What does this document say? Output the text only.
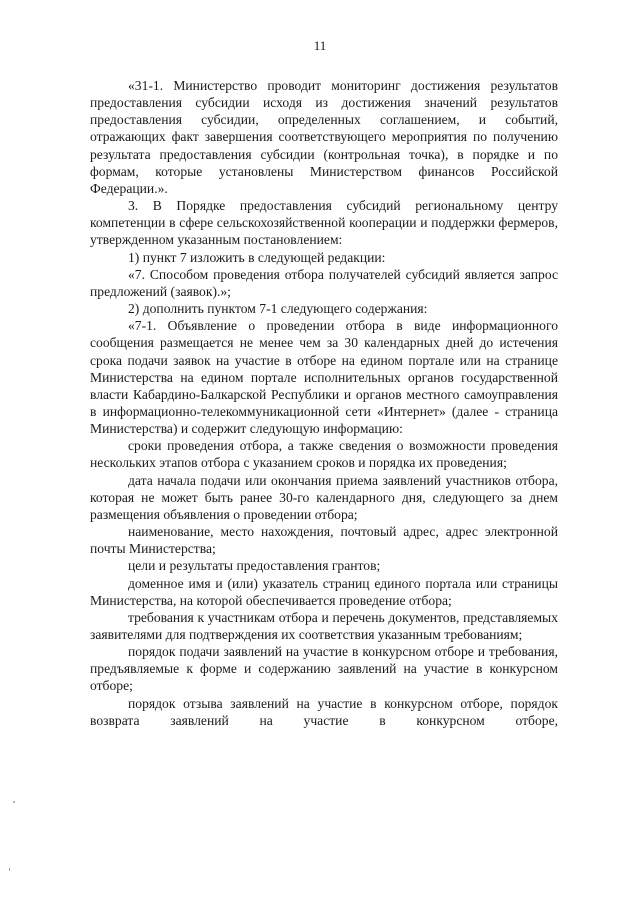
11

«31-1. Министерство проводит мониторинг достижения результатов предоставления субсидии исходя из достижения значений результатов предоставления субсидии, определенных соглашением, и событий, отражающих факт завершения соответствующего мероприятия по получению результата предоставления субсидии (контрольная точка), в порядке и по формам, которые установлены Министерством финансов Российской Федерации.».

3. В Порядке предоставления субсидий региональному центру компетенции в сфере сельскохозяйственной кооперации и поддержки фермеров, утвержденном указанным постановлением:

1) пункт 7 изложить в следующей редакции:

«7. Способом проведения отбора получателей субсидий является запрос предложений (заявок).»;

2) дополнить пунктом 7-1 следующего содержания:

«7-1. Объявление о проведении отбора в виде информационного сообщения размещается не менее чем за 30 календарных дней до истечения срока подачи заявок на участие в отборе на едином портале или на странице Министерства на едином портале исполнительных органов государственной власти Кабардино-Балкарской Республики и органов местного самоуправления в информационно-телекоммуникационной сети «Интернет» (далее - страница Министерства) и содержит следующую информацию:

сроки проведения отбора, а также сведения о возможности проведения нескольких этапов отбора с указанием сроков и порядка их проведения;

дата начала подачи или окончания приема заявлений участников отбора, которая не может быть ранее 30-го календарного дня, следующего за днем размещения объявления о проведении отбора;

наименование, место нахождения, почтовый адрес, адрес электронной почты Министерства;

цели и результаты предоставления грантов;

доменное имя и (или) указатель страниц единого портала или страницы Министерства, на которой обеспечивается проведение отбора;

требования к участникам отбора и перечень документов, представляемых заявителями для подтверждения их соответствия указанным требованиям;

порядок подачи заявлений на участие в конкурсном отборе и требования, предъявляемые к форме и содержанию заявлений на участие в конкурсном отборе;

порядок отзыва заявлений на участие в конкурсном отборе, порядок возврата заявлений на участие в конкурсном отборе,
